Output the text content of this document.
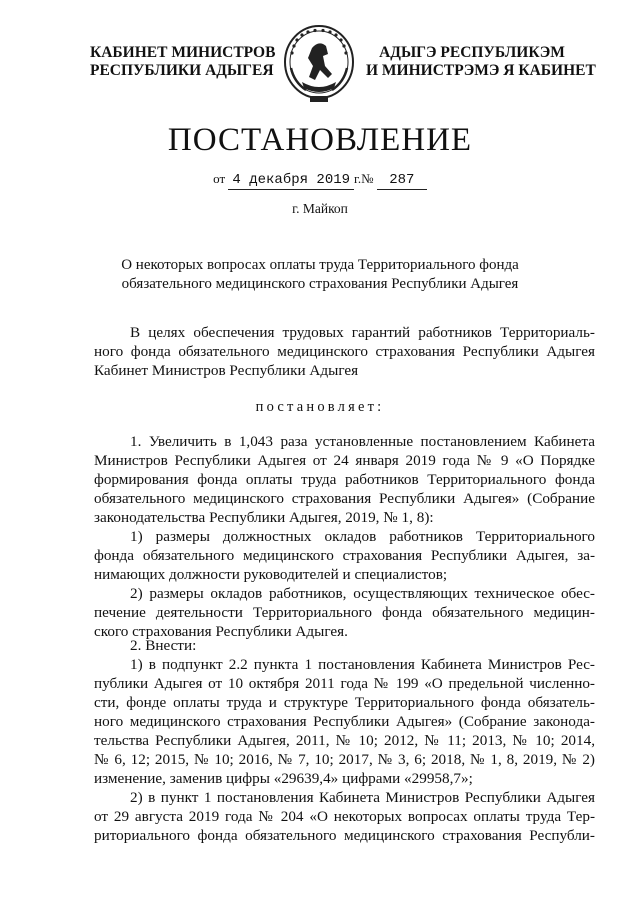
КАБИНЕТ МИНИСТРОВ
РЕСПУБЛИКИ АДЫГЕЯ
АДЫГЭ РЕСПУБЛИКЭМ
И МИНИСТРЭМЭ Я КАБИНЕТ
ПОСТАНОВЛЕНИЕ
от 4 декабря 2019 г.№ 287
г. Майкоп
О некоторых вопросах оплаты труда Территориального фонда
обязательного медицинского страхования Республики Адыгея
В целях обеспечения трудовых гарантий работников Территориаль-
ного фонда обязательного медицинского страхования Республики Адыгея
Кабинет Министров Республики Адыгея
постановляет:
1. Увеличить в 1,043 раза установленные постановлением Кабинета
Министров Республики Адыгея от 24 января 2019 года № 9 «О Порядке
формирования фонда оплаты труда работников Территориального фонда
обязательного медицинского страхования Республики Адыгея» (Собрание
законодательства Республики Адыгея, 2019, № 1, 8):
1) размеры должностных окладов работников Территориального
фонда обязательного медицинского страхования Республики Адыгея, за-
нимающих должности руководителей и специалистов;
2) размеры окладов работников, осуществляющих техническое обес-
печение деятельности Территориального фонда обязательного медицин-
ского страхования Республики Адыгея.
2. Внести:
1) в подпункт 2.2 пункта 1 постановления Кабинета Министров Рес-
публики Адыгея от 10 октября 2011 года № 199 «О предельной численно-
сти, фонде оплаты труда и структуре Территориального фонда обязатель-
ного медицинского страхования Республики Адыгея» (Собрание законода-
тельства Республики Адыгея, 2011, № 10; 2012, № 11; 2013, № 10; 2014,
№ 6, 12; 2015, № 10; 2016, № 7, 10; 2017, № 3, 6; 2018, № 1, 8, 2019, № 2)
изменение, заменив цифры «29639,4» цифрами «29958,7»;
2) в пункт 1 постановления Кабинета Министров Республики Адыгея
от 29 августа 2019 года № 204 «О некоторых вопросах оплаты труда Тер-
риториального фонда обязательного медицинского страхования Республи-
